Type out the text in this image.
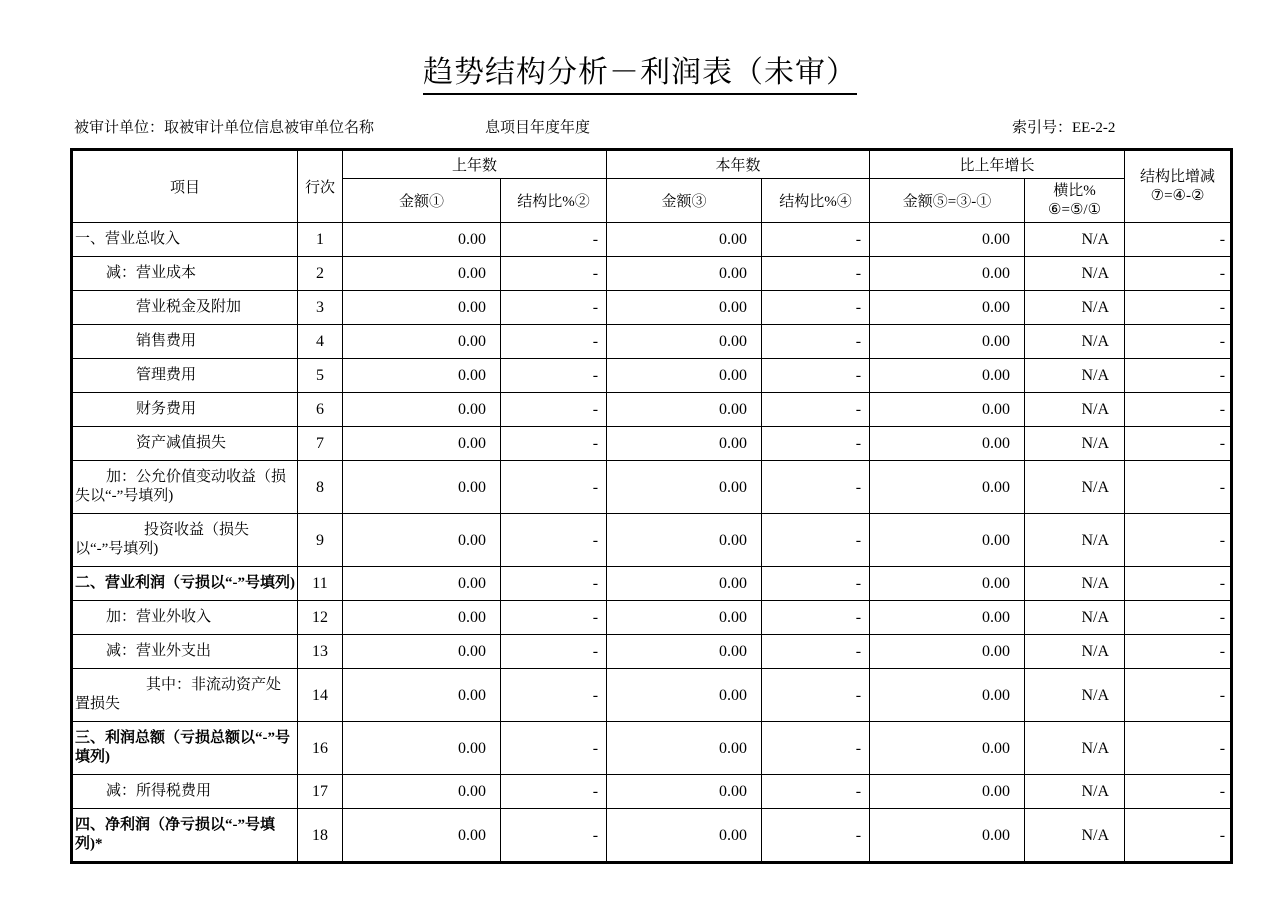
趋势结构分析－利润表（未审）
被审计单位：取被审计单位信息被审单位名称	息项目年度年度	索引号：EE-2-2
项目	行次	上年数		本年数		比上年增长		结构比增减
⑦=④-②

		金额①	结构比%②	金额③	结构比%④	金额⑤=③-①	横比%
⑥=⑤/①	

一、营业总收入	1	0.00	-	0.00	-	0.00	N/A	-
减：营业成本	2	0.00	-	0.00	-	0.00	N/A	-
营业税金及附加	3	0.00	-	0.00	-	0.00	N/A	-
销售费用	4	0.00	-	0.00	-	0.00	N/A	-
管理费用	5	0.00	-	0.00	-	0.00	N/A	-
财务费用	6	0.00	-	0.00	-	0.00	N/A	-
资产减值损失	7	0.00	-	0.00	-	0.00	N/A	-
加：公允价值变动收益（损失以“-”号填列)	8	0.00	-	0.00	-	0.00	N/A	-
投资收益（损失以“-”号填列)	9	0.00	-	0.00	-	0.00	N/A	-
二、营业利润（亏损以“-”号填列)	11	0.00	-	0.00	-	0.00	N/A	-
加：营业外收入	12	0.00	-	0.00	-	0.00	N/A	-
减：营业外支出	13	0.00	-	0.00	-	0.00	N/A	-
其中：非流动资产处置损失	14	0.00	-	0.00	-	0.00	N/A	-
三、利润总额（亏损总额以“-”号填列)	16	0.00	-	0.00	-	0.00	N/A	-
减：所得税费用	17	0.00	-	0.00	-	0.00	N/A	-
四、净利润（净亏损以“-”号填列)*	18	0.00	-	0.00	-	0.00	N/A	-
